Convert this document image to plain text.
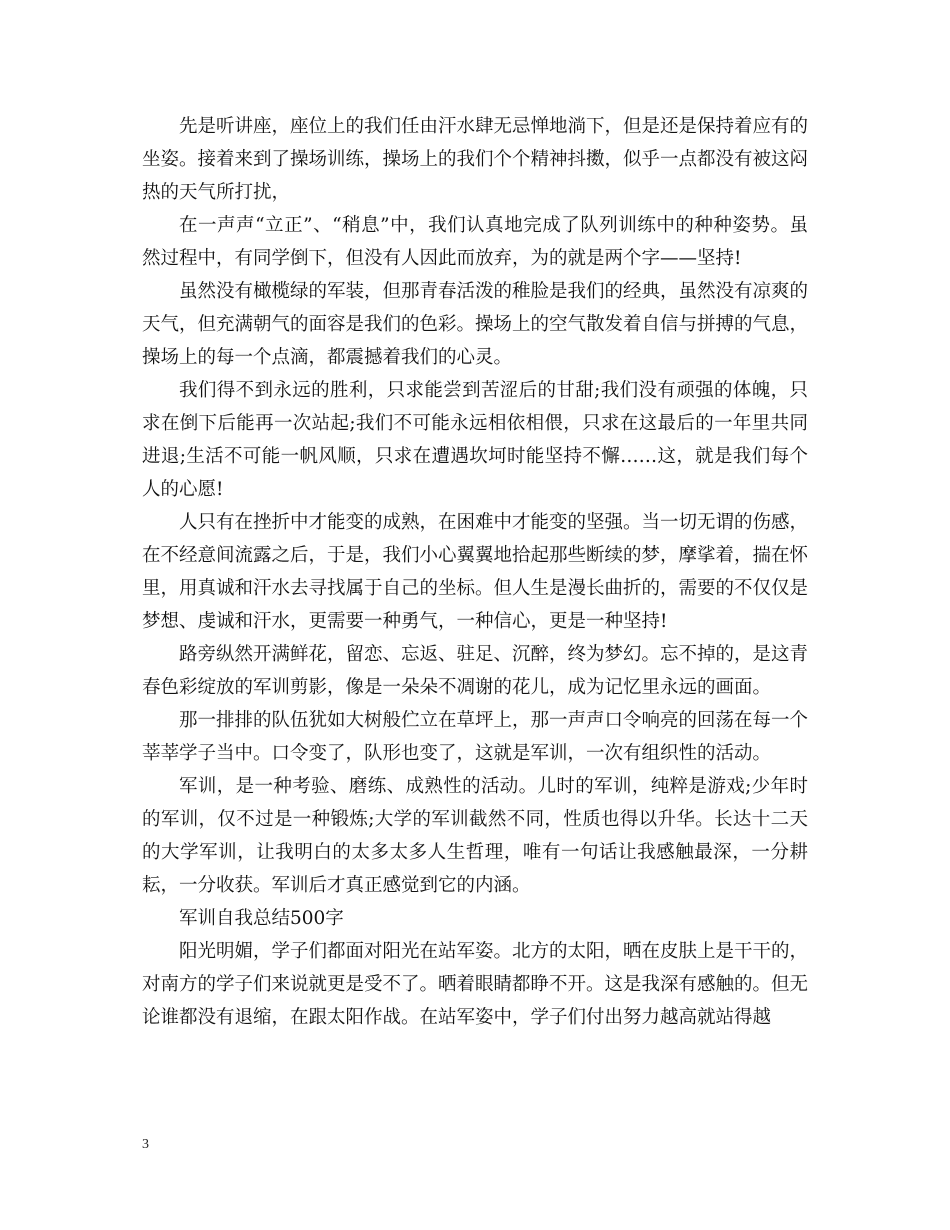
先是听讲座，座位上的我们任由汗水肆无忌惮地淌下，但是还是保持着应有的坐姿。接着来到了操场训练，操场上的我们个个精神抖擞，似乎一点都没有被这闷热的天气所打扰，

在一声声“立正”、“稍息”中，我们认真地完成了队列训练中的种种姿势。虽然过程中，有同学倒下，但没有人因此而放弃，为的就是两个字——坚持!

虽然没有橄榄绿的军装，但那青春活泼的稚脸是我们的经典，虽然没有凉爽的天气，但充满朝气的面容是我们的色彩。操场上的空气散发着自信与拼搏的气息，操场上的每一个点滴，都震撼着我们的心灵。

我们得不到永远的胜利，只求能尝到苦涩后的甘甜;我们没有顽强的体魄，只求在倒下后能再一次站起;我们不可能永远相依相偎，只求在这最后的一年里共同进退;生活不可能一帆风顺，只求在遭遇坎坷时能坚持不懈……这，就是我们每个人的心愿!

人只有在挫折中才能变的成熟，在困难中才能变的坚强。当一切无谓的伤感，在不经意间流露之后，于是，我们小心翼翼地拾起那些断续的梦，摩挲着，揣在怀里，用真诚和汗水去寻找属于自己的坐标。但人生是漫长曲折的，需要的不仅仅是梦想、虔诚和汗水，更需要一种勇气，一种信心，更是一种坚持!

路旁纵然开满鲜花，留恋、忘返、驻足、沉醉，终为梦幻。忘不掉的，是这青春色彩绽放的军训剪影，像是一朵朵不凋谢的花儿，成为记忆里永远的画面。

那一排排的队伍犹如大树般伫立在草坪上，那一声声口令响亮的回荡在每一个莘莘学子当中。口令变了，队形也变了，这就是军训，一次有组织性的活动。

军训，是一种考验、磨练、成熟性的活动。儿时的军训，纯粹是游戏;少年时的军训，仅不过是一种锻炼;大学的军训截然不同，性质也得以升华。长达十二天的大学军训，让我明白的太多太多人生哲理，唯有一句话让我感触最深，一分耕耘，一分收获。军训后才真正感觉到它的内涵。

军训自我总结500字

阳光明媚，学子们都面对阳光在站军姿。北方的太阳，晒在皮肤上是干干的，对南方的学子们来说就更是受不了。晒着眼睛都睁不开。这是我深有感触的。但无论谁都没有退缩，在跟太阳作战。在站军姿中，学子们付出努力越高就站得越

3
